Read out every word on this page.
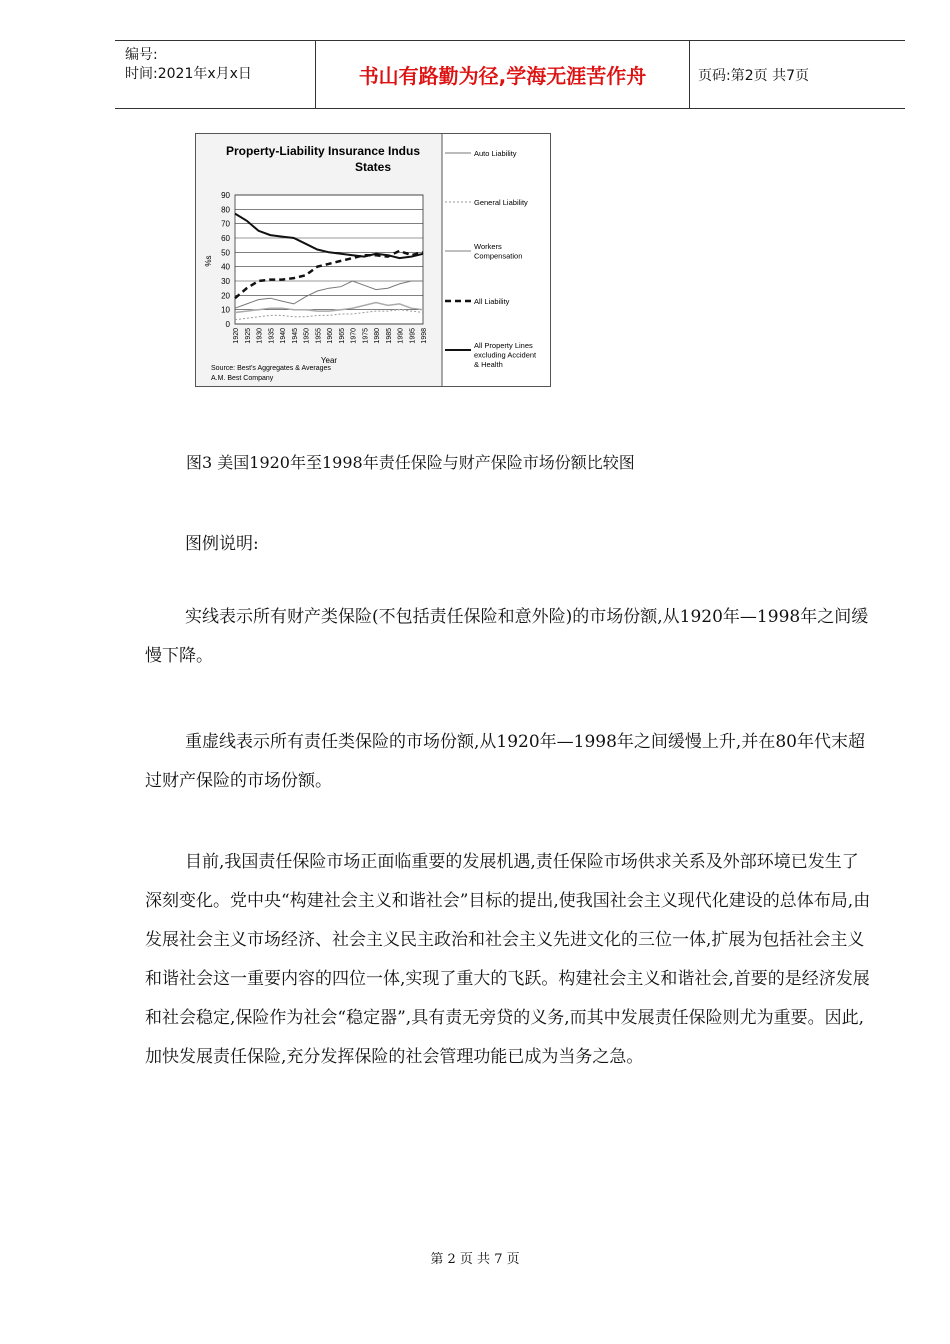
编号:
时间:2021年x月x日	书山有路勤为径,学海无涯苦作舟	页码:第2页 共7页
Property-Liability Insurance Indus
States
%s
Year
Source: Best's Aggregates & Averages
A.M. Best Company
0
10
20
30
40
50
60
70
80
90
1920 1925 1930 1935 1940 1945 1950 1955 1960 1965 1970 1975 1980 1985 1990 1995 1998
Auto Liability
General Liability
Workers Compensation
All Liability
All Property Lines excluding Accident & Health
图3 美国1920年至1998年责任保险与财产保险市场份额比较图

图例说明:

实线表示所有财产类保险(不包括责任保险和意外险)的市场份额,从1920年—1998年之间缓慢下降。

重虚线表示所有责任类保险的市场份额,从1920年—1998年之间缓慢上升,并在80年代末超过财产保险的市场份额。

目前,我国责任保险市场正面临重要的发展机遇,责任保险市场供求关系及外部环境已发生了深刻变化。党中央“构建社会主义和谐社会”目标的提出,使我国社会主义现代化建设的总体布局,由发展社会主义市场经济、社会主义民主政治和社会主义先进文化的三位一体,扩展为包括社会主义和谐社会这一重要内容的四位一体,实现了重大的飞跃。构建社会主义和谐社会,首要的是经济发展和社会稳定,保险作为社会“稳定器”,具有责无旁贷的义务,而其中发展责任保险则尤为重要。因此,加快发展责任保险,充分发挥保险的社会管理功能已成为当务之急。

第 2 页 共 7 页
